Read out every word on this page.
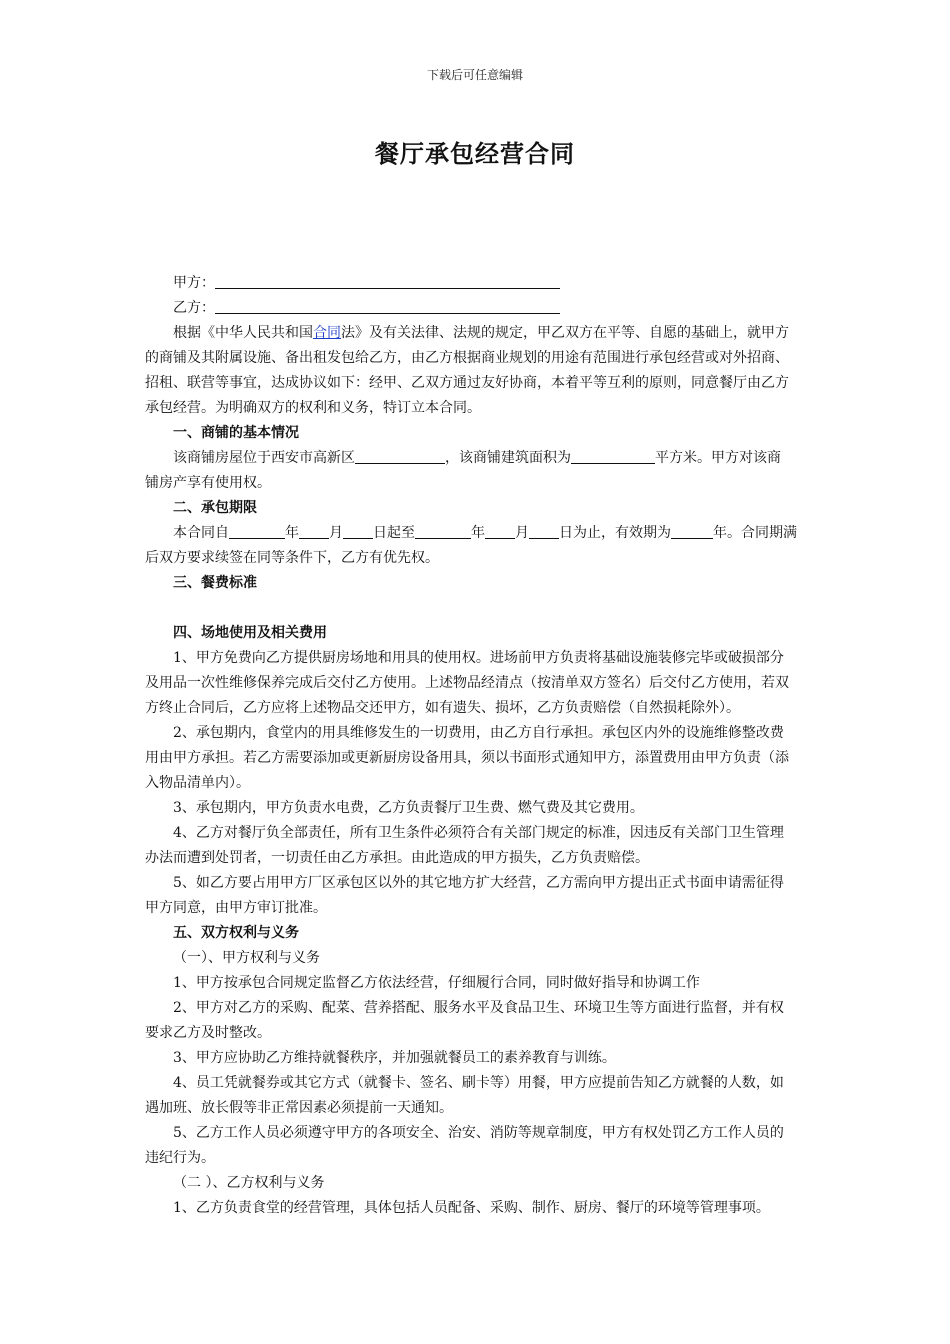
下载后可任意编辑
餐厅承包经营合同

甲方：

乙方：

根据《中华人民共和国合同法》及有关法律、法规的规定，甲乙双方在平等、自愿的基础上，就甲方

的商铺及其附属设施、备出租发包给乙方，由乙方根据商业规划的用途有范围进行承包经营或对外招商、

招租、联营等事宜，达成协议如下：经甲、乙双方通过友好协商，本着平等互利的原则，同意餐厅由乙方

承包经营。为明确双方的权利和义务，特订立本合同。

一、商铺的基本情况

该商铺房屋位于西安市高新区	，该商铺建筑面积为	平方米。甲方对该商

铺房产享有使用权。

二、承包期限

本合同自	年 月 日起至	年 月 日为止，有效期为	年。合同期满

后双方要求续签在同等条件下，乙方有优先权。

三、餐费标准

四、场地使用及相关费用

1、甲方免费向乙方提供厨房场地和用具的使用权。进场前甲方负责将基础设施装修完毕或破损部分

及用品一次性维修保养完成后交付乙方使用。上述物品经清点（按清单双方签名）后交付乙方使用，若双

方终止合同后，乙方应将上述物品交还甲方，如有遗失、损坏，乙方负责赔偿（自然损耗除外）。

2、承包期内，食堂内的用具维修发生的一切费用，由乙方自行承担。承包区内外的设施维修整改费

用由甲方承担。若乙方需要添加或更新厨房设备用具，须以书面形式通知甲方，添置费用由甲方负责（添

入物品清单内）。

3、承包期内，甲方负责水电费，乙方负责餐厅卫生费、燃气费及其它费用。

4、乙方对餐厅负全部责任，所有卫生条件必须符合有关部门规定的标准，因违反有关部门卫生管理

办法而遭到处罚者，一切责任由乙方承担。由此造成的甲方损失，乙方负责赔偿。

5、如乙方要占用甲方厂区承包区以外的其它地方扩大经营，乙方需向甲方提出正式书面申请需征得

甲方同意，由甲方审订批准。

五、双方权利与义务

（一）、甲方权利与义务

1、甲方按承包合同规定监督乙方依法经营，仔细履行合同，同时做好指导和协调工作

2、甲方对乙方的采购、配菜、营养搭配、服务水平及食品卫生、环境卫生等方面进行监督，并有权

要求乙方及时整改。

3、甲方应协助乙方维持就餐秩序，并加强就餐员工的素养教育与训练。

4、员工凭就餐券或其它方式（就餐卡、签名、刷卡等）用餐，甲方应提前告知乙方就餐的人数，如

遇加班、放长假等非正常因素必须提前一天通知。

5、乙方工作人员必须遵守甲方的各项安全、治安、消防等规章制度，甲方有权处罚乙方工作人员的

违纪行为。

（二 ）、乙方权利与义务

1、乙方负责食堂的经营管理，具体包括人员配备、采购、制作、厨房、餐厅的环境等管理事项。
